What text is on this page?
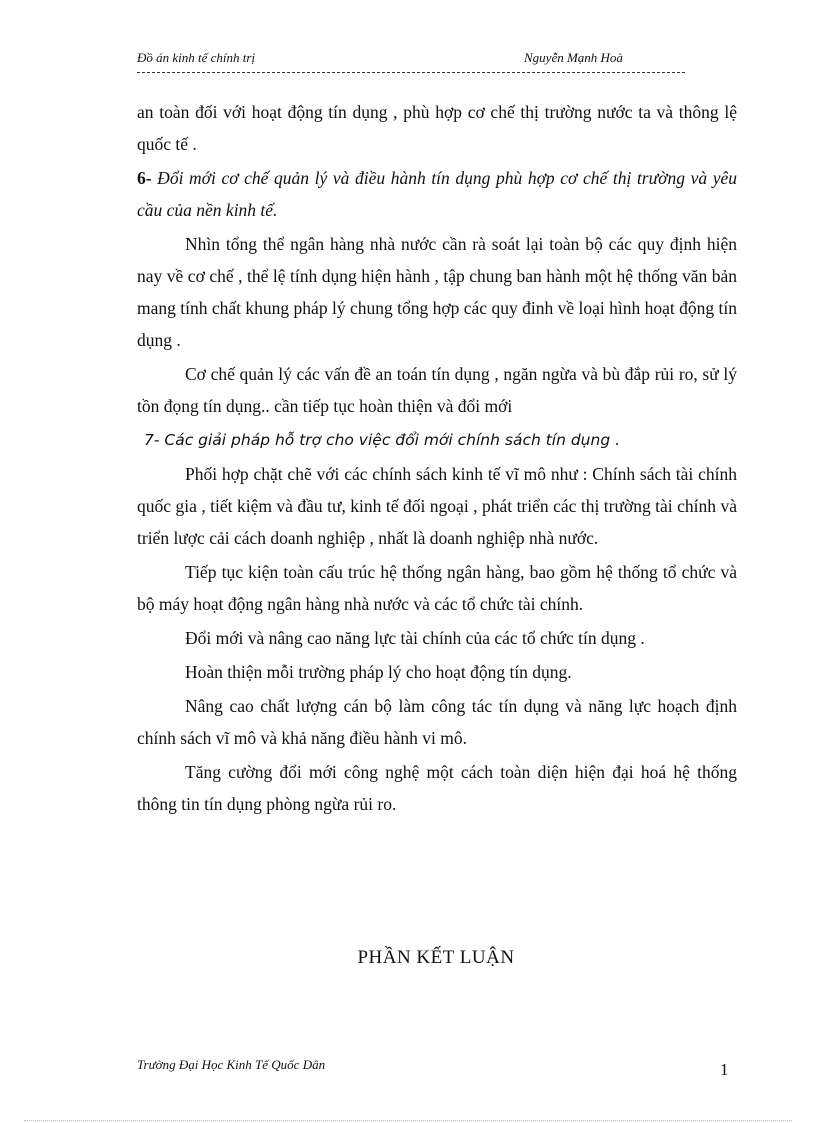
Đồ án kinh tế chính trị	Nguyễn Mạnh Hoà

an toàn đối với hoạt động tín dụng , phù hợp cơ chế thị trường nước ta và thông lệ quốc tế .

6- Đổi mới cơ chế quản lý và điều hành tín dụng phù hợp cơ chế thị trường và yêu cầu của nền kinh tế.

Nhìn tổng thể ngân hàng nhà nước cần rà soát lại toàn bộ các quy định hiện nay về cơ chế , thể lệ tính dụng hiện hành , tập chung ban hành một hệ thống văn bản mang tính chất khung pháp lý chung tổng hợp các quy đinh về loại hình hoạt động tín dụng .

Cơ chế quản lý các vấn đề an toán tín dụng , ngăn ngừa và bù đắp rủi ro, sử lý tồn đọng tín dụng.. cần tiếp tục hoàn thiện và đổi mới

7- Các giải pháp hỗ trợ cho việc đổi mới chính sách tín dụng .

Phối hợp chặt chẽ với các chính sách kinh tế vĩ mô như : Chính sách tài chính quốc gia , tiết kiệm và đầu tư, kinh tế đối ngoại , phát triển các thị trường tài chính và triển lược cải cách doanh nghiệp , nhất là doanh nghiệp nhà nước.

Tiếp tục kiện toàn cấu trúc hệ thống ngân hàng, bao gồm hệ thống tổ chức và bộ máy hoạt động ngân hàng nhà nước và các tổ chức tài chính.

Đổi mới và nâng cao năng lực tài chính của các tổ chức tín dụng .

Hoàn thiện mỗi trường pháp lý cho hoạt động tín dụng.

Nâng cao chất lượng cán bộ làm công tác tín dụng và năng lực hoạch định chính sách vĩ mô và khả năng điều hành vi mô.

Tăng cường đổi mới công nghệ một cách toàn diện hiện đại hoá hệ thống thông tin tín dụng phòng ngừa rủi ro.

PHẦN KẾT LUẬN
Trường Đại Học Kinh Tế Quốc Dân	1
